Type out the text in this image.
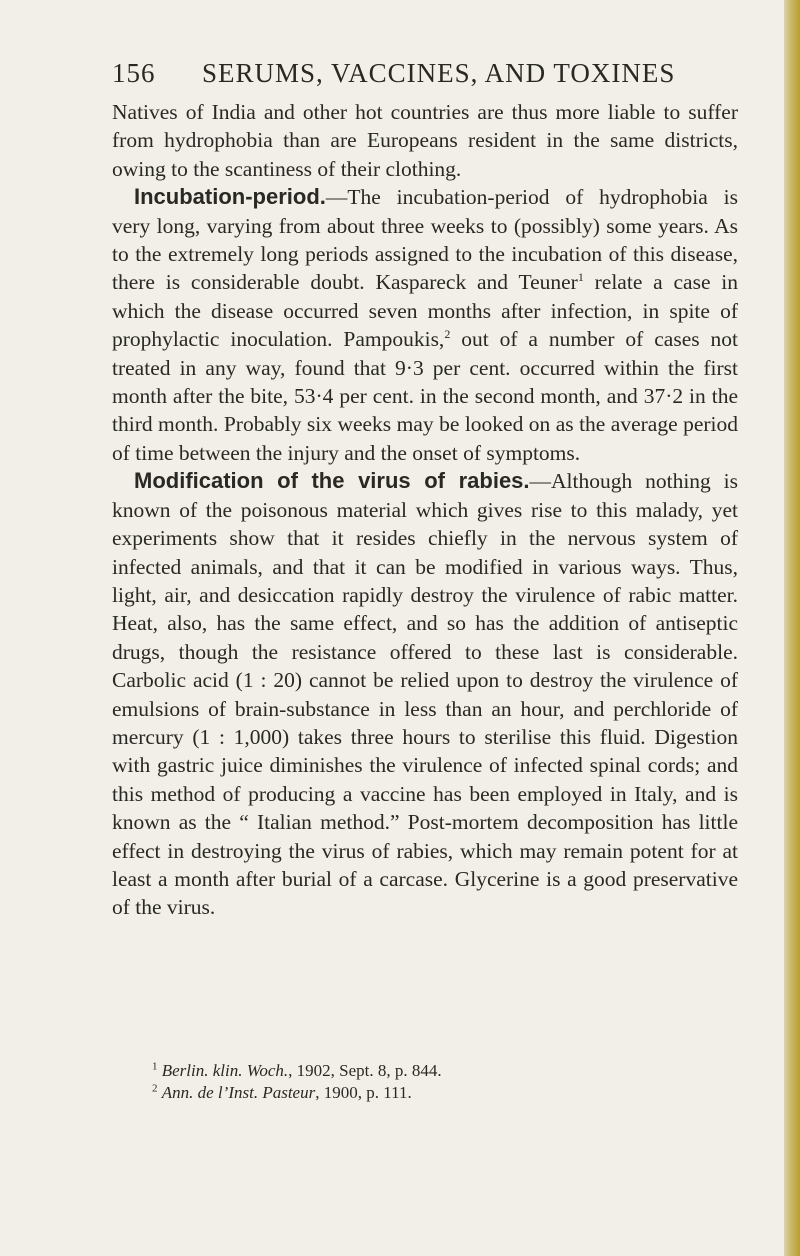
156 SERUMS, VACCINES, AND TOXINES

Natives of India and other hot countries are thus more liable to suffer from hydrophobia than are Europeans resident in the same districts, owing to the scantiness of their clothing.

Incubation-period.—The incubation-period of hydrophobia is very long, varying from about three weeks to (possibly) some years. As to the extremely long periods assigned to the incubation of this disease, there is considerable doubt. Kaspareck and Teuner$^1$ relate a case in which the disease occurred seven months after infection, in spite of prophylactic inoculation. Pampoukis,$^2$ out of a number of cases not treated in any way, found that 9·3 per cent. occurred within the first month after the bite, 53·4 per cent. in the second month, and 37·2 in the third month. Probably six weeks may be looked on as the average period of time between the injury and the onset of symptoms.

Modification of the virus of rabies.—Although nothing is known of the poisonous material which gives rise to this malady, yet experiments show that it resides chiefly in the nervous system of infected animals, and that it can be modified in various ways. Thus, light, air, and desiccation rapidly destroy the virulence of rabic matter. Heat, also, has the same effect, and so has the addition of antiseptic drugs, though the resistance offered to these last is considerable. Carbolic acid (1 : 20) cannot be relied upon to destroy the virulence of emulsions of brain-substance in less than an hour, and perchloride of mercury (1 : 1,000) takes three hours to sterilise this fluid. Digestion with gastric juice diminishes the virulence of infected spinal cords; and this method of producing a vaccine has been employed in Italy, and is known as the “ Italian method.” Post-mortem decomposition has little effect in destroying the virus of rabies, which may remain potent for at least a month after burial of a carcase. Glycerine is a good preservative of the virus.

$^1$ Berlin. klin. Woch., 1902, Sept. 8, p. 844.

$^2$ Ann. de l’Inst. Pasteur, 1900, p. 111.
